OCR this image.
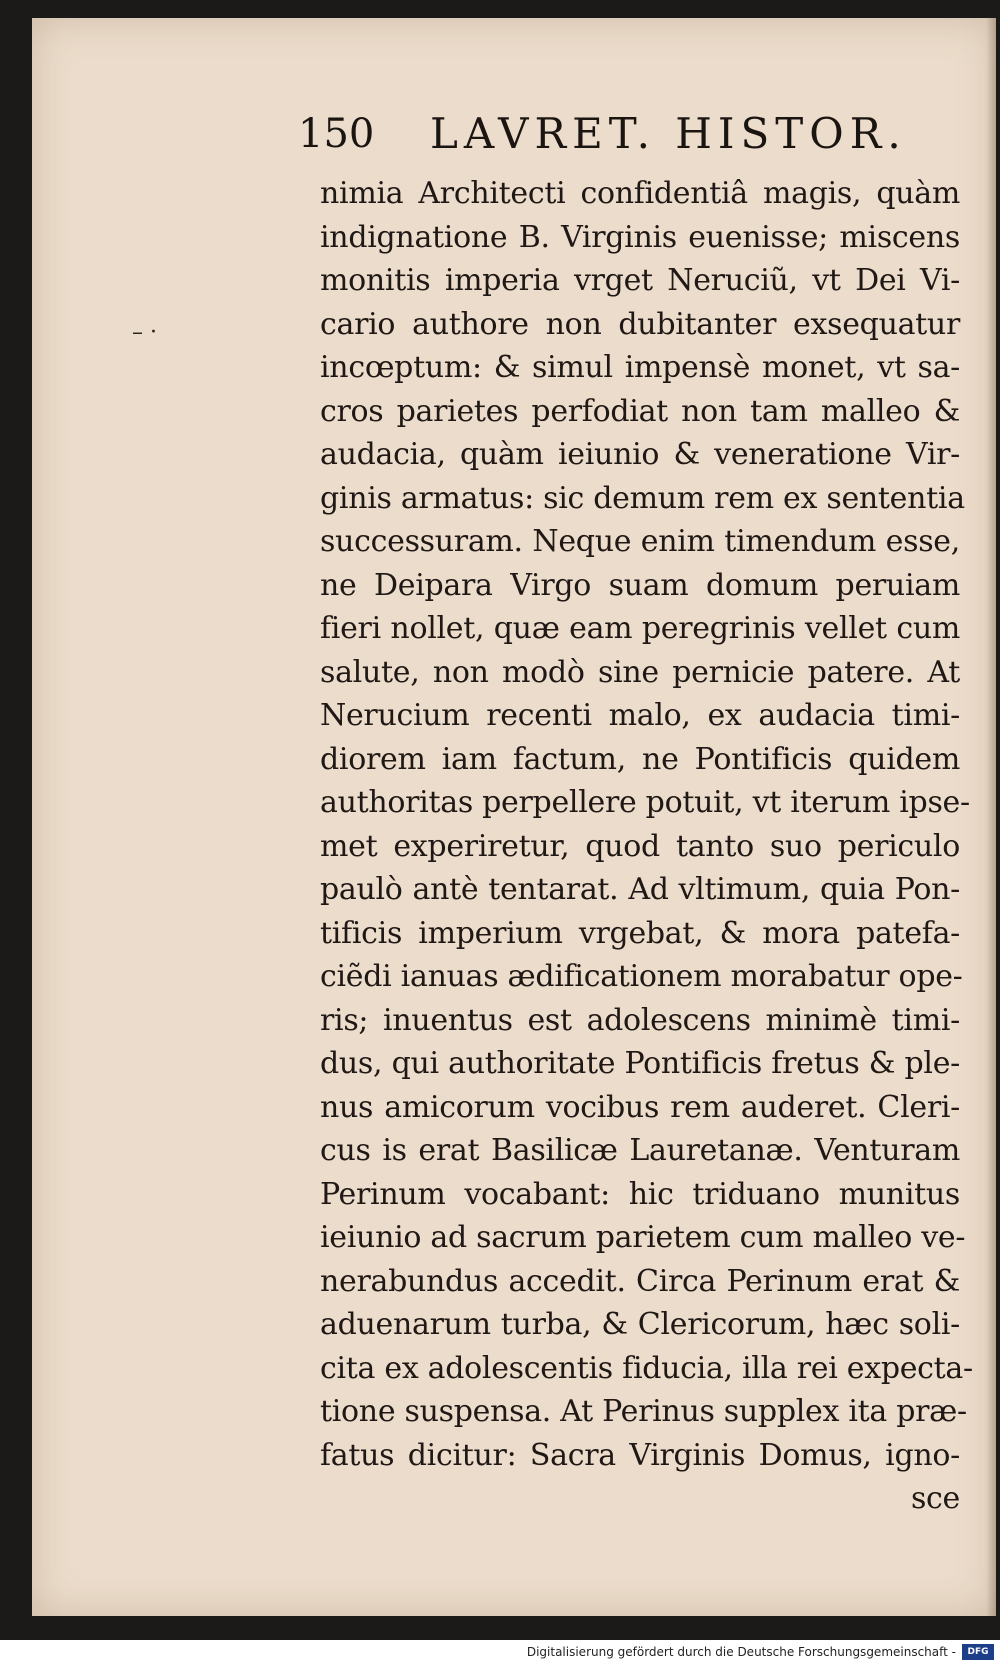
150 LAVRET. HISTOR.
– ·
nimia Architecti confidentiâ magis, quàm
indignatione B. Virginis euenisse; miscens
monitis imperia vrget Neruciũ, vt Dei Vi-
cario authore non dubitanter exsequatur
incœptum: & simul impensè monet, vt sa-
cros parietes perfodiat non tam malleo &
audacia, quàm ieiunio & veneratione Vir-
ginis armatus: sic demum rem ex sententia
successuram. Neque enim timendum esse,
ne Deipara Virgo suam domum peruiam
fieri nollet, quæ eam peregrinis vellet cum
salute, non modò sine pernicie patere. At
Nerucium recenti malo, ex audacia timi-
diorem iam factum, ne Pontificis quidem
authoritas perpellere potuit, vt iterum ipse-
met experiretur, quod tanto suo periculo
paulò antè tentarat. Ad vltimum, quia Pon-
tificis imperium vrgebat, & mora patefa-
ciẽdi ianuas ædificationem morabatur ope-
ris; inuentus est adolescens minimè timi-
dus, qui authoritate Pontificis fretus & ple-
nus amicorum vocibus rem auderet. Cleri-
cus is erat Basilicæ Lauretanæ. Venturam
Perinum vocabant: hic triduano munitus
ieiunio ad sacrum parietem cum malleo ve-
nerabundus accedit. Circa Perinum erat &
aduenarum turba, & Clericorum, hæc soli-
cita ex adolescentis fiducia, illa rei expecta-
tione suspensa. At Perinus supplex ita præ-
fatus dicitur: Sacra Virginis Domus, igno-
sce
Digitalisierung gefördert durch die Deutsche Forschungsgemeinschaft -	DFG
